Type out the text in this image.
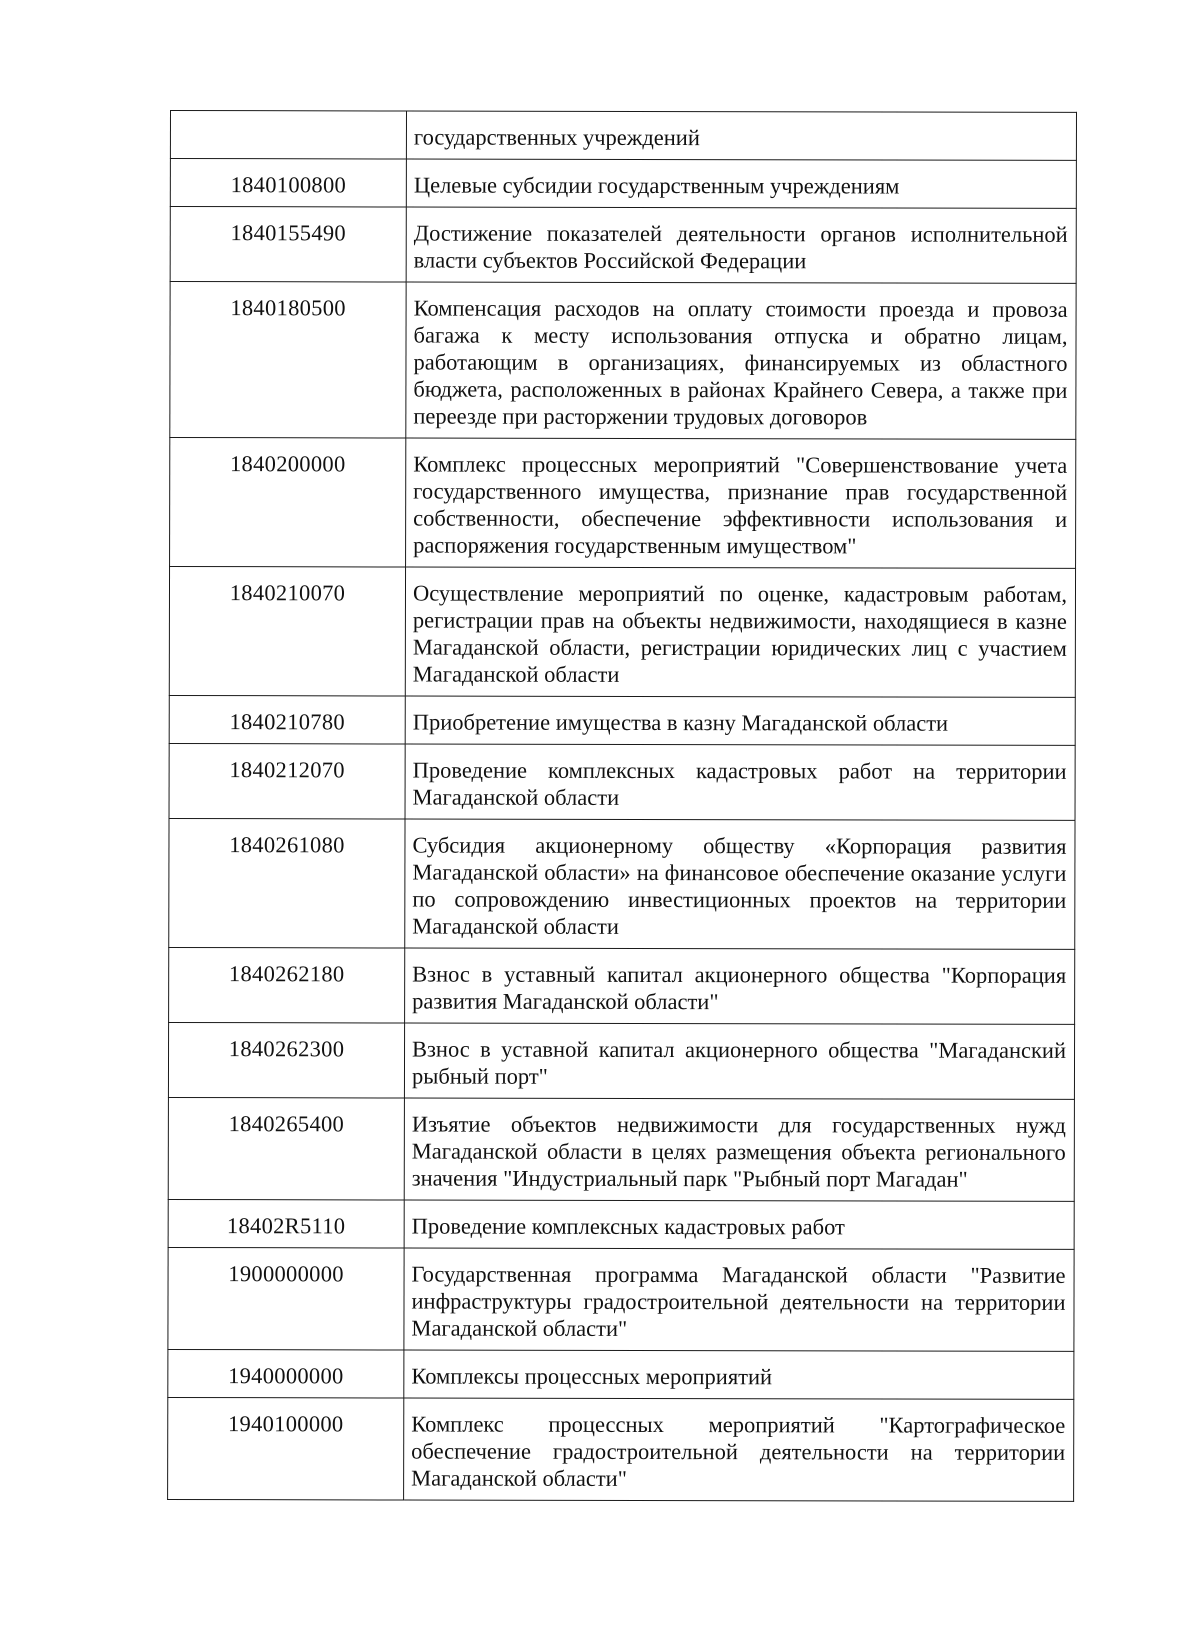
	государственных учреждений
1840100800	Целевые субсидии государственным учреждениям
1840155490	Достижение показателей деятельности органов исполнительной власти субъектов Российской Федерации
1840180500	Компенсация расходов на оплату стоимости проезда и провоза багажа к месту использования отпуска и обратно лицам, работающим в организациях, финансируемых из областного бюджета, расположенных в районах Крайнего Севера, а также при переезде при расторжении трудовых договоров
1840200000	Комплекс процессных мероприятий "Совершенствование учета государственного имущества, признание прав государственной собственности, обеспечение эффективности использования и распоряжения государственным имуществом"
1840210070	Осуществление мероприятий по оценке, кадастровым работам, регистрации прав на объекты недвижимости, находящиеся в казне Магаданской области, регистрации юридических лиц с участием Магаданской области
1840210780	Приобретение имущества в казну Магаданской области
1840212070	Проведение комплексных кадастровых работ на территории Магаданской области
1840261080	Субсидия акционерному обществу «Корпорация развития Магаданской области» на финансовое обеспечение оказание услуги по сопровождению инвестиционных проектов на территории Магаданской области
1840262180	Взнос в уставный капитал акционерного общества "Корпорация развития Магаданской области"
1840262300	Взнос в уставной капитал акционерного общества "Магаданский рыбный порт"
1840265400	Изъятие объектов недвижимости для государственных нужд Магаданской области в целях размещения объекта регионального значения "Индустриальный парк "Рыбный порт Магадан"
18402R5110	Проведение комплексных кадастровых работ
1900000000	Государственная программа Магаданской области "Развитие инфраструктуры градостроительной деятельности на территории Магаданской области"
1940000000	Комплексы процессных мероприятий
1940100000	Комплекс процессных мероприятий "Картографическое обеспечение градостроительной деятельности на территории Магаданской области"
